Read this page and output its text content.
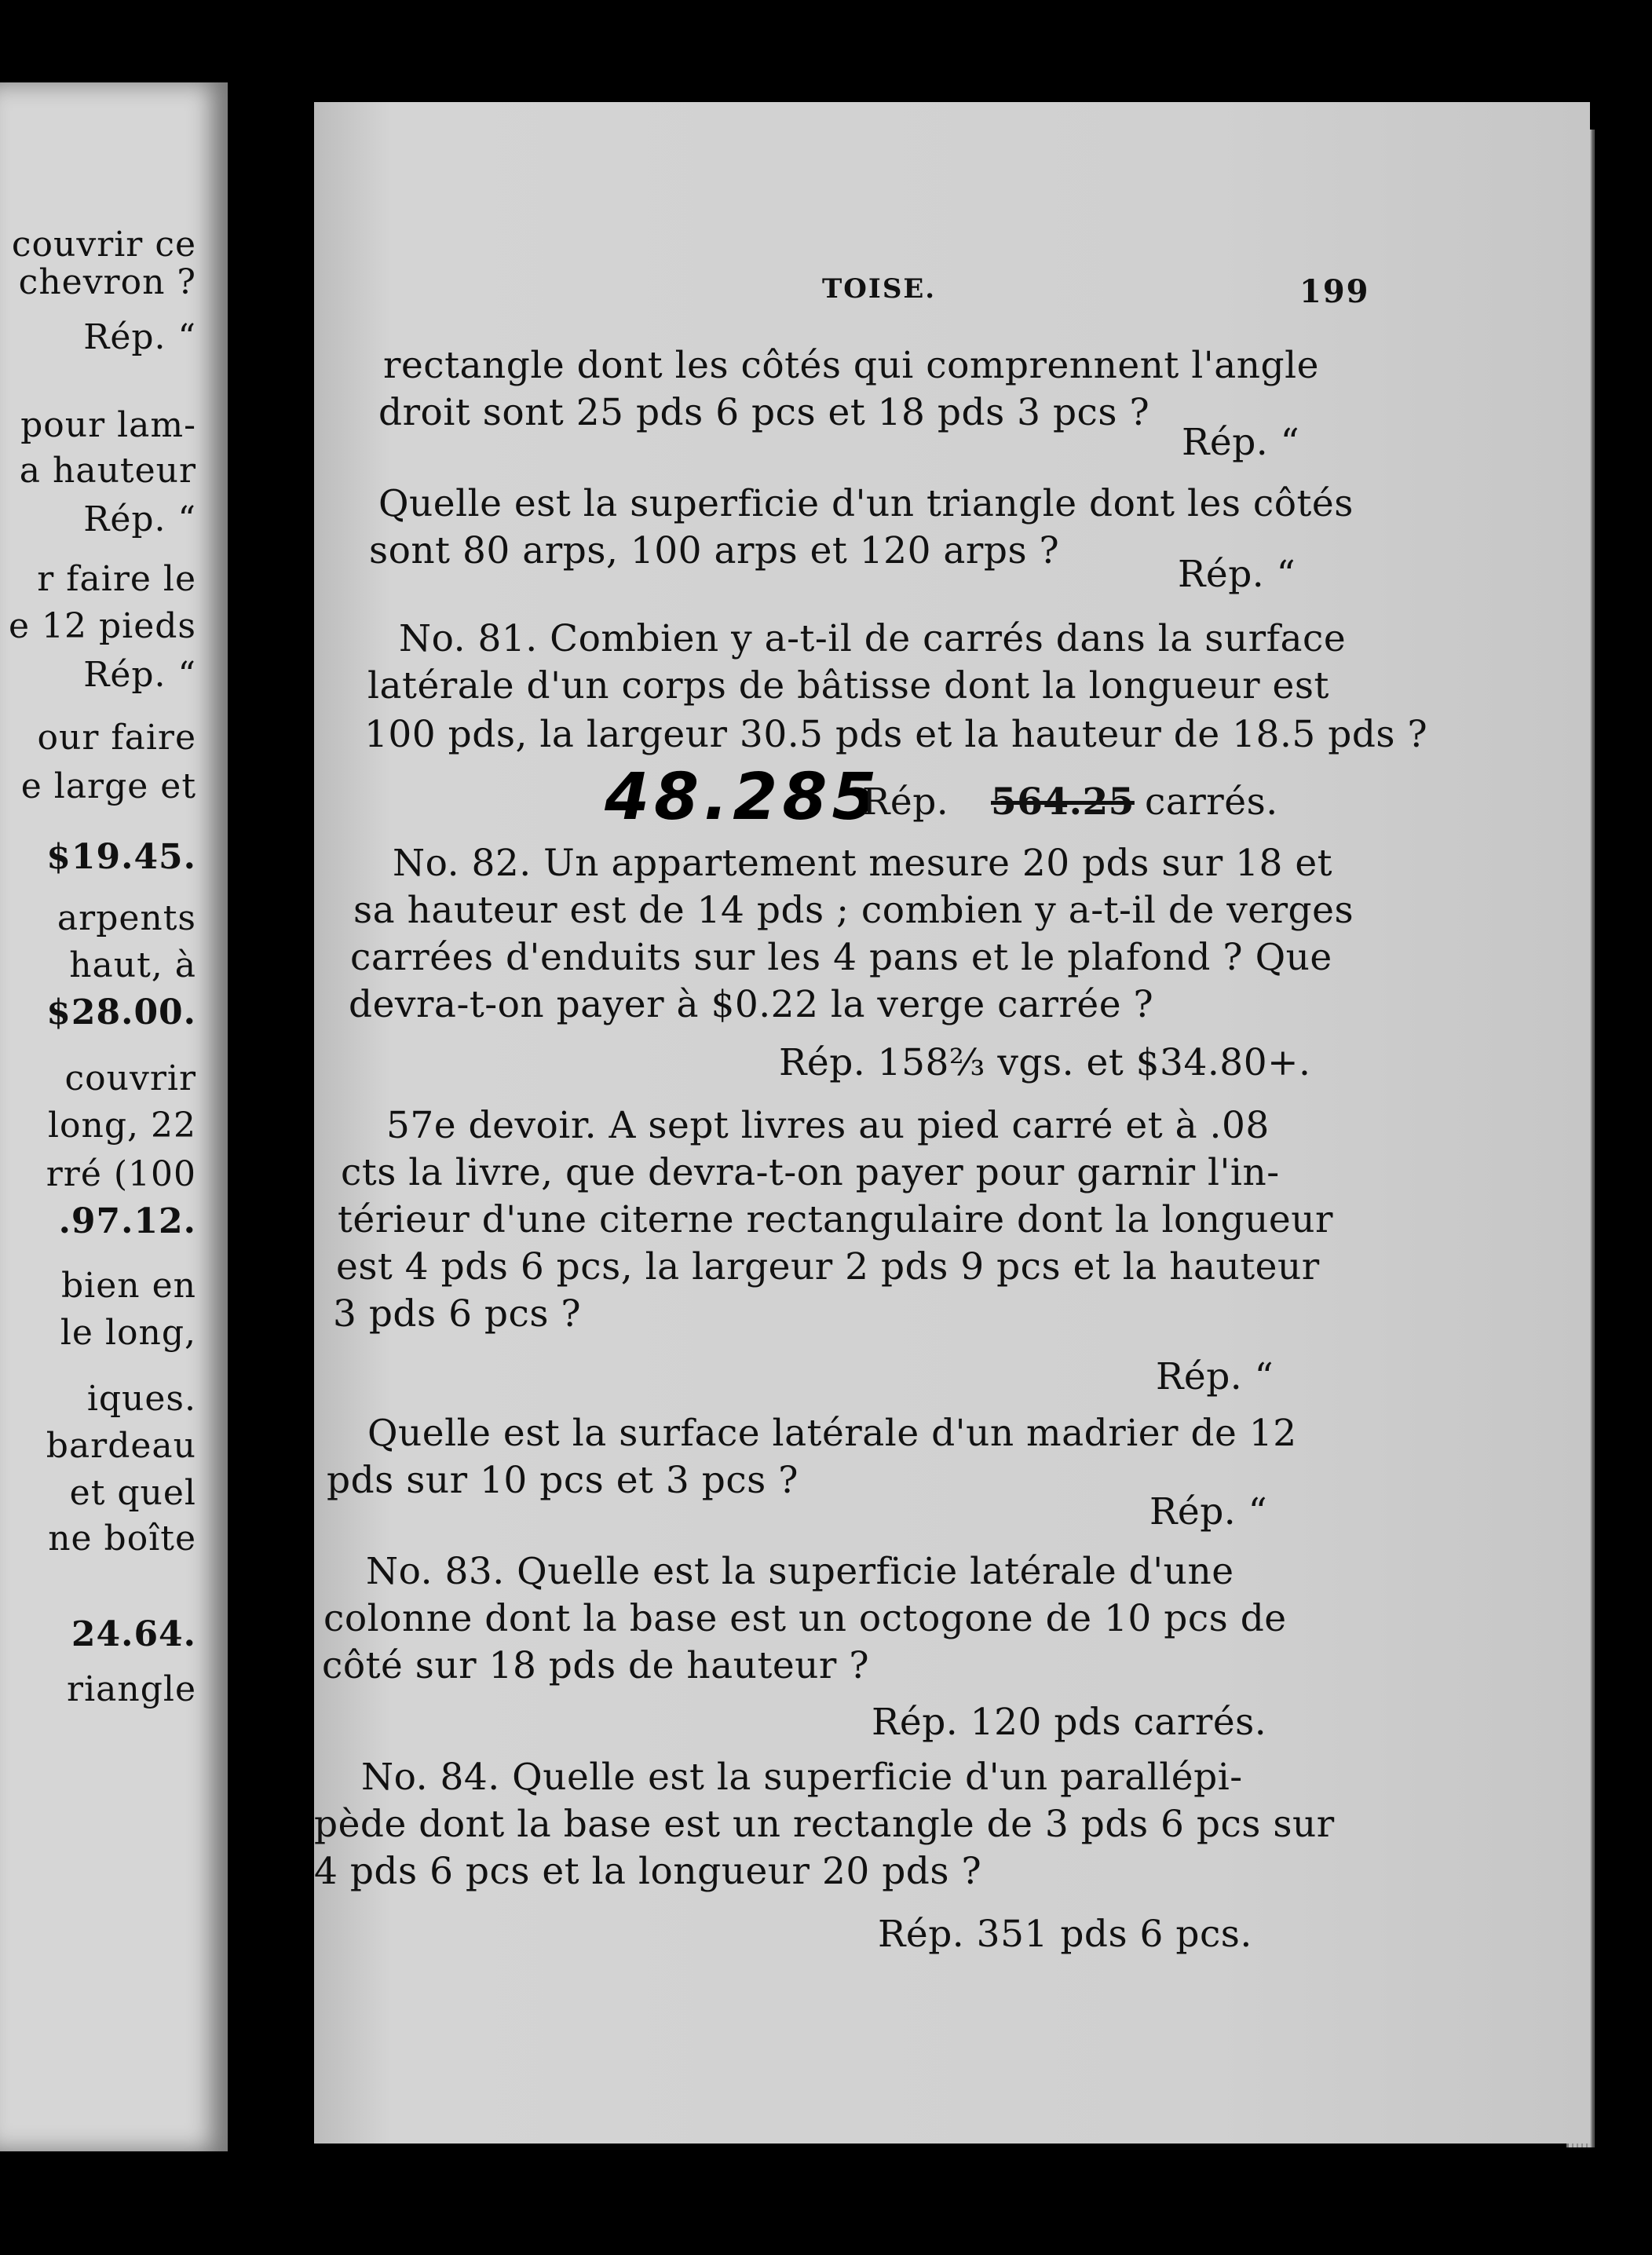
couvrir ce
chevron ?
Rép. “
pour lam-
a hauteur
Rép. “
r faire le
e 12 pieds
Rép. “
our faire
e large et
$19.45.
arpents
haut, à
$28.00.
couvrir
long, 22
rré (100
.97.12.
bien en
le long,
iques.
bardeau
et quel
ne boîte
24.64.
riangle
TOISE.	199
rectangle dont les côtés qui comprennent l'angle
droit sont 25 pds 6 pcs et 18 pds 3 pcs ?
Rép. “
Quelle est la superficie d'un triangle dont les côtés
sont 80 arps, 100 arps et 120 arps ?
Rép. “
No. 81. Combien y a-t-il de carrés dans la surface
latérale d'un corps de bâtisse dont la longueur est
100 pds, la largeur 30.5 pds et la hauteur de 18.5 pds ?
48.285
Rép. 564.25 carrés.
No. 82. Un appartement mesure 20 pds sur 18 et
sa hauteur est de 14 pds ; combien y a-t-il de verges
carrées d'enduits sur les 4 pans et le plafond ? Que
devra-t-on payer à $0.22 la verge carrée ?
Rép. 158⅔ vgs. et $34.80+.
57e devoir. A sept livres au pied carré et à .08
cts la livre, que devra-t-on payer pour garnir l'in-
térieur d'une citerne rectangulaire dont la longueur
est 4 pds 6 pcs, la largeur 2 pds 9 pcs et la hauteur
3 pds 6 pcs ?
Rép. “
Quelle est la surface latérale d'un madrier de 12
pds sur 10 pcs et 3 pcs ?
Rép. “
No. 83. Quelle est la superficie latérale d'une
colonne dont la base est un octogone de 10 pcs de
côté sur 18 pds de hauteur ?
Rép. 120 pds carrés.
No. 84. Quelle est la superficie d'un parallépi-
pède dont la base est un rectangle de 3 pds 6 pcs sur
4 pds 6 pcs et la longueur 20 pds ?
Rép. 351 pds 6 pcs.
